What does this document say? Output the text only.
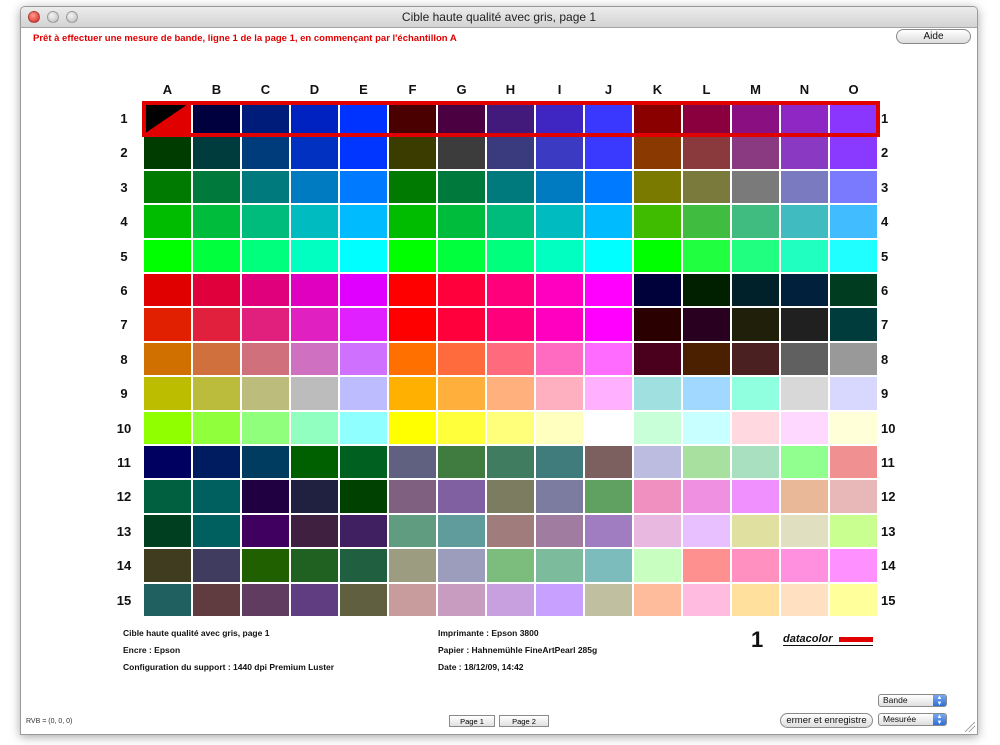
Cible haute qualité avec gris, page 1
Prêt à effectuer une mesure de bande, ligne 1 de la page 1, en commençant par l'échantillon A	Aide
A	B	C	D	E	F	G	H	I	J	K	L	M	N	O
1	1
2	2
3	3
4	4
5	5
6	6
7	7
8	8
9	9
10	10
11	11
12	12
13	13
14	14
15	15
Cible haute qualité avec gris, page 1
Encre : Epson
Configuration du support : 1440 dpi Premium Luster
Imprimante : Epson 3800
Papier : Hahnemühle FineArtPearl 285g
Date : 18/12/09, 14:42
1 datacolor
RVB = (0, 0, 0)	Page 1	Page 2
Bande	▲
▼
Mesurée	▲
▼
ermer et enregistre
